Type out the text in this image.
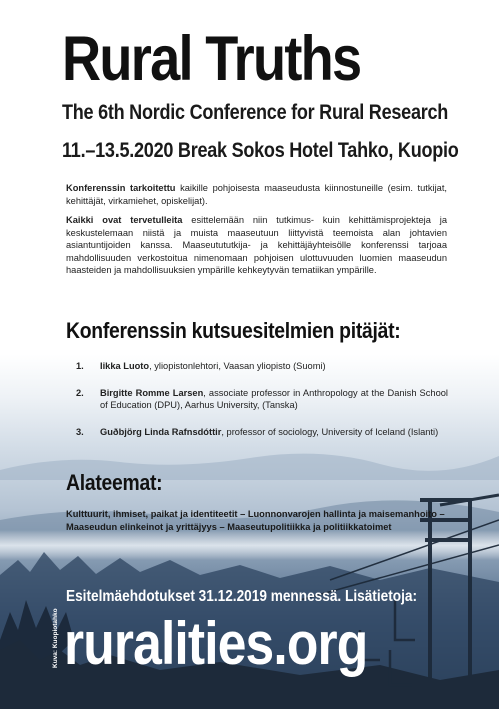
Rural Truths

The 6th Nordic Conference for Rural Research

11.–13.5.2020 Break Sokos Hotel Tahko, Kuopio

Konferenssin tarkoitettu kaikille pohjoisesta maaseudusta kiinnostuneille (esim. tutkijat, kehittäjät, virkamiehet, opiskelijat).

Kaikki ovat tervetulleita esittelemään niin tutkimus- kuin kehittämisprojekteja ja keskustelemaan niistä ja muista maaseutuun liittyvistä teemoista alan johtavien asiantuntijoiden kanssa. Maaseutututkija- ja kehittäjäyhteisölle konferenssi tarjoaa mahdollisuuden verkostoitua nimenomaan pohjoisen ulottuvuuden luomien maaseudun haasteiden ja mahdollisuuksien ympärille kehkeytyvän tematiikan ympärille.

Konferenssin kutsuesitelmien pitäjät:
1. Iikka Luoto, yliopistonlehtori, Vaasan yliopisto (Suomi)
2. Birgitte Romme Larsen, associate professor in Anthropology at the Danish School of Education (DPU), Aarhus University, (Tanska)
3. Guðbjörg Linda Rafnsdóttir, professor of sociology, University of Iceland (Islanti)
Alateemat:

Kulttuurit, ihmiset, paikat ja identiteetit – Luonnonvarojen hallinta ja maisemanhoito – Maaseudun elinkeinot ja yrittäjyys – Maaseutupolitiikka ja politiikkatoimet

Esitelmäehdotukset 31.12.2019 mennessä. Lisätietoja:

ruralities.org

Kuva: Kuopiotahko
